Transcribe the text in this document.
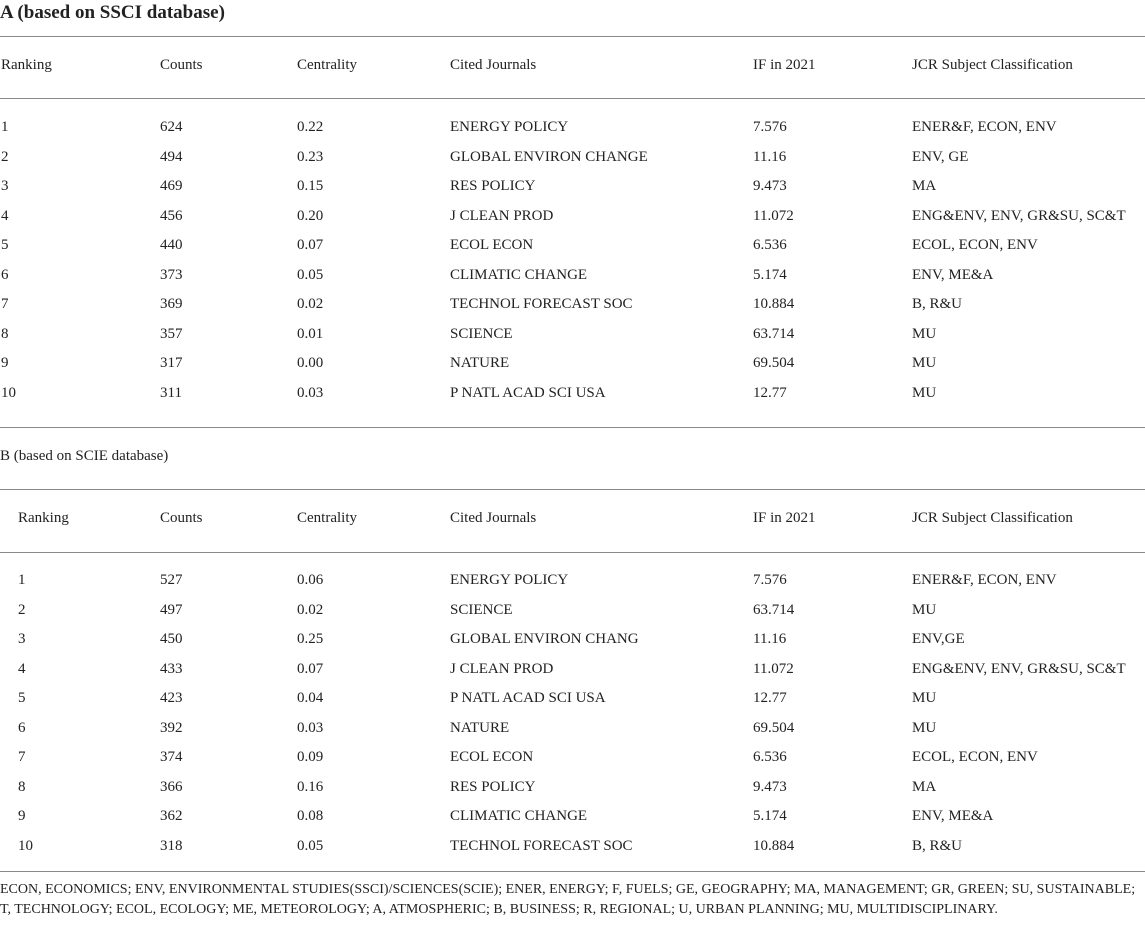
A (based on SSCI database)
Ranking	Counts	Centrality	Cited Journals	IF in 2021	JCR Subject Classification
1	624	0.22	ENERGY POLICY	7.576	ENER&F, ECON, ENV
2	494	0.23	GLOBAL ENVIRON CHANGE	11.16	ENV, GE
3	469	0.15	RES POLICY	9.473	MA
4	456	0.20	J CLEAN PROD	11.072	ENG&ENV, ENV, GR&SU, SC&T
5	440	0.07	ECOL ECON	6.536	ECOL, ECON, ENV
6	373	0.05	CLIMATIC CHANGE	5.174	ENV, ME&A
7	369	0.02	TECHNOL FORECAST SOC	10.884	B, R&U
8	357	0.01	SCIENCE	63.714	MU
9	317	0.00	NATURE	69.504	MU
10	311	0.03	P NATL ACAD SCI USA	12.77	MU
B (based on SCIE database)
Ranking	Counts	Centrality	Cited Journals	IF in 2021	JCR Subject Classification
1	527	0.06	ENERGY POLICY	7.576	ENER&F, ECON, ENV
2	497	0.02	SCIENCE	63.714	MU
3	450	0.25	GLOBAL ENVIRON CHANG	11.16	ENV,GE
4	433	0.07	J CLEAN PROD	11.072	ENG&ENV, ENV, GR&SU, SC&T
5	423	0.04	P NATL ACAD SCI USA	12.77	MU
6	392	0.03	NATURE	69.504	MU
7	374	0.09	ECOL ECON	6.536	ECOL, ECON, ENV
8	366	0.16	RES POLICY	9.473	MA
9	362	0.08	CLIMATIC CHANGE	5.174	ENV, ME&A
10	318	0.05	TECHNOL FORECAST SOC	10.884	B, R&U
ECON, ECONOMICS; ENV, ENVIRONMENTAL STUDIES(SSCI)/SCIENCES(SCIE); ENER, ENERGY; F, FUELS; GE, GEOGRAPHY; MA, MANAGEMENT; GR, GREEN; SU, SUSTAINABLE; T, TECHNOLOGY; ECOL, ECOLOGY; ME, METEOROLOGY; A, ATMOSPHERIC; B, BUSINESS; R, REGIONAL; U, URBAN PLANNING; MU, MULTIDISCIPLINARY.
